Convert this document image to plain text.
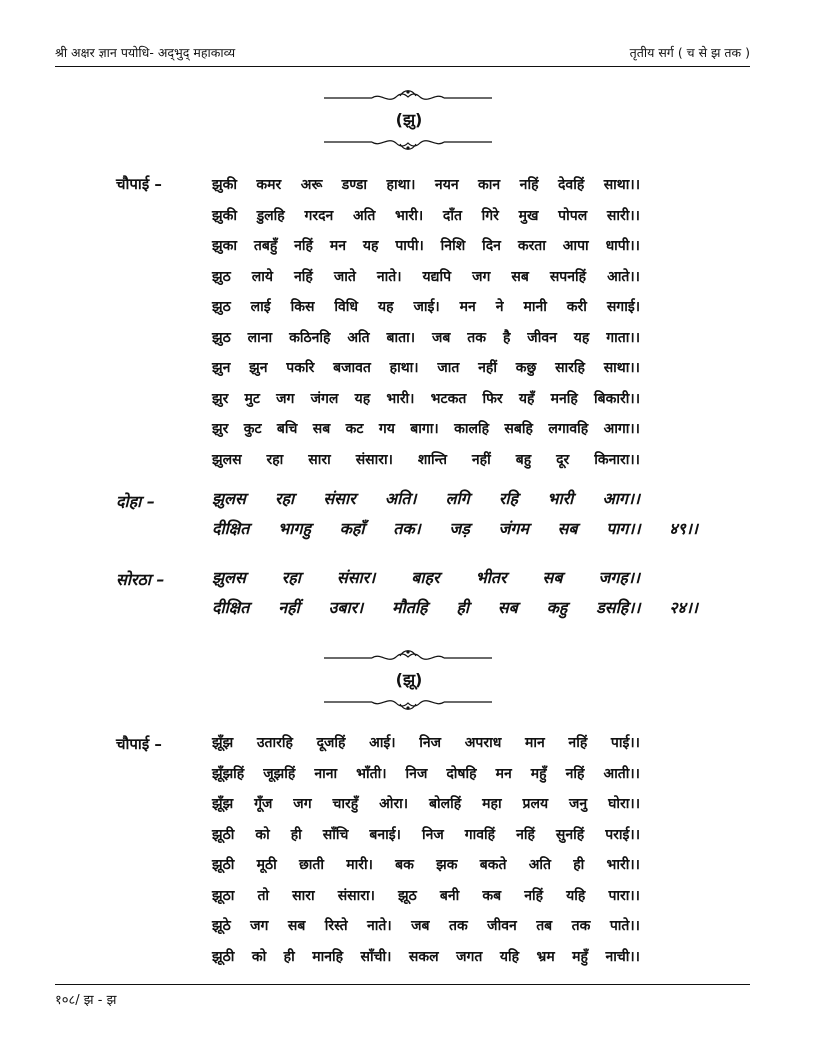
श्री अक्षर ज्ञान पयोधि- अद्‌भुद् महाकाव्य	तृतीय सर्ग ( च से झ तक )
(झु)
चौपाई –	झुकी कमर अरू डण्डा हाथा। नयन कान नहिं देवहिं साथा।।
झुकी डुलहि गरदन अति भारी। दाँत गिरे मुख पोपल सारी।।
झुका तबहुँ नहिं मन यह पापी। निशि दिन करता आपा धापी।।
झुठ लाये नहिं जाते नाते। यद्यपि जग सब सपनहिं आते।।
झुठ लाई किस विधि यह जाई। मन ने मानी करी सगाई।
झुठ लाना कठिनहि अति बाता। जब तक है जीवन यह गाता।।
झुन झुन पकरि बजावत हाथा। जात नहीं कछु सारहि साथा।।
झुर मुट जग जंगल यह भारी। भटकत फिर यहँ मनहि बिकारी।।
झुर कुट बचि सब कट गय बागा। कालहि सबहि लगावहि आगा।।
झुलस रहा सारा संसारा। शान्ति नहीं बहु दूर किनारा।।
दोहा –	झुलस रहा संसार अति। लगि रहि भारी आग।।
दीक्षित भागहु कहाँ तक। जड़ जंगम सब पाग।। ४९।।
सोरठा –	झुलस रहा संसार। बाहर भीतर सब जगह।।
दीक्षित नहीं उबार। मौतहि ही सब कहु डसहि।। २४।।
(झू)
चौपाई –	झूँझ उतारहि दूजहिं आई। निज अपराध मान नहिं पाई।।
झूँझहिं जूझहिं नाना भाँती। निज दोषहि मन महुँ नहिं आती।।
झूँझ गूँज जग चारहुँ ओरा। बोलहिं महा प्रलय जनु घोरा।।
झूठी को ही साँचि बनाई। निज गावहिं नहिं सुनहिं पराई।।
झूठी मूठी छाती मारी। बक झक बकते अति ही भारी।।
झूठा तो सारा संसारा। झूठ बनी कब नहिं यहि पारा।।
झूठे जग सब रिस्ते नाते। जब तक जीवन तब तक पाते।।
झूठी को ही मानहि साँची। सकल जगत यहि भ्रम महुँ नाची।।
१०८/ झ - झ
